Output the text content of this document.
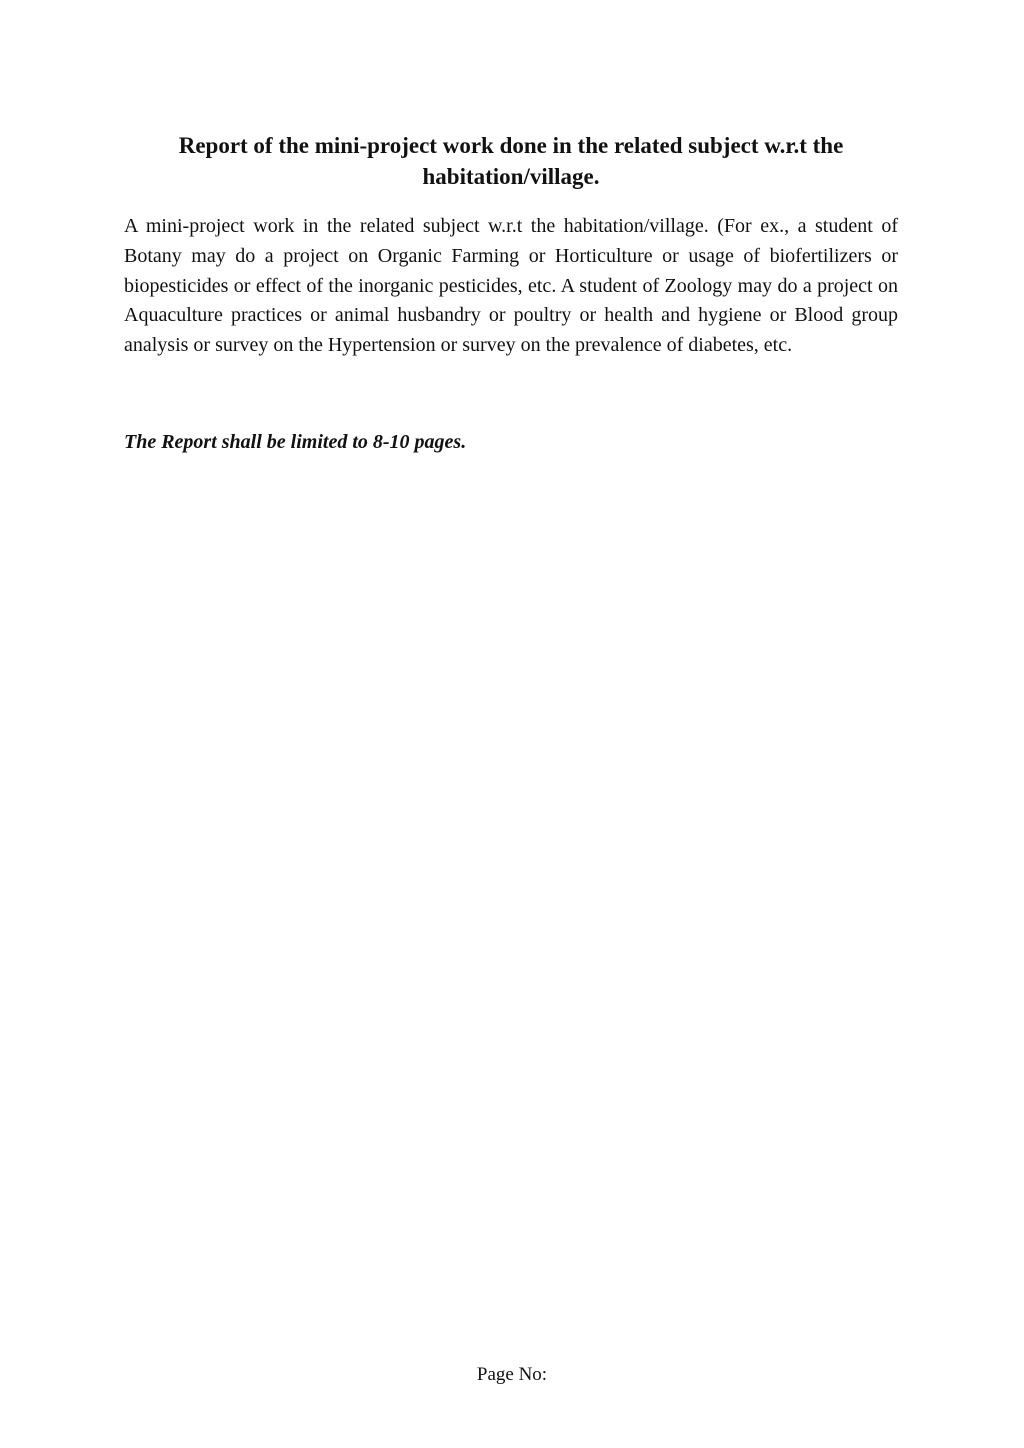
Report of the mini-project work done in the related subject w.r.t the habitation/village.

A mini-project work in the related subject w.r.t the habitation/village. (For ex., a student of Botany may do a project on Organic Farming or Horticulture or usage of biofertilizers or biopesticides or effect of the inorganic pesticides, etc. A student of Zoology may do a project on Aquaculture practices or animal husbandry or poultry or health and hygiene or Blood group analysis or survey on the Hypertension or survey on the prevalence of diabetes, etc.

The Report shall be limited to 8-10 pages.

Page No:
